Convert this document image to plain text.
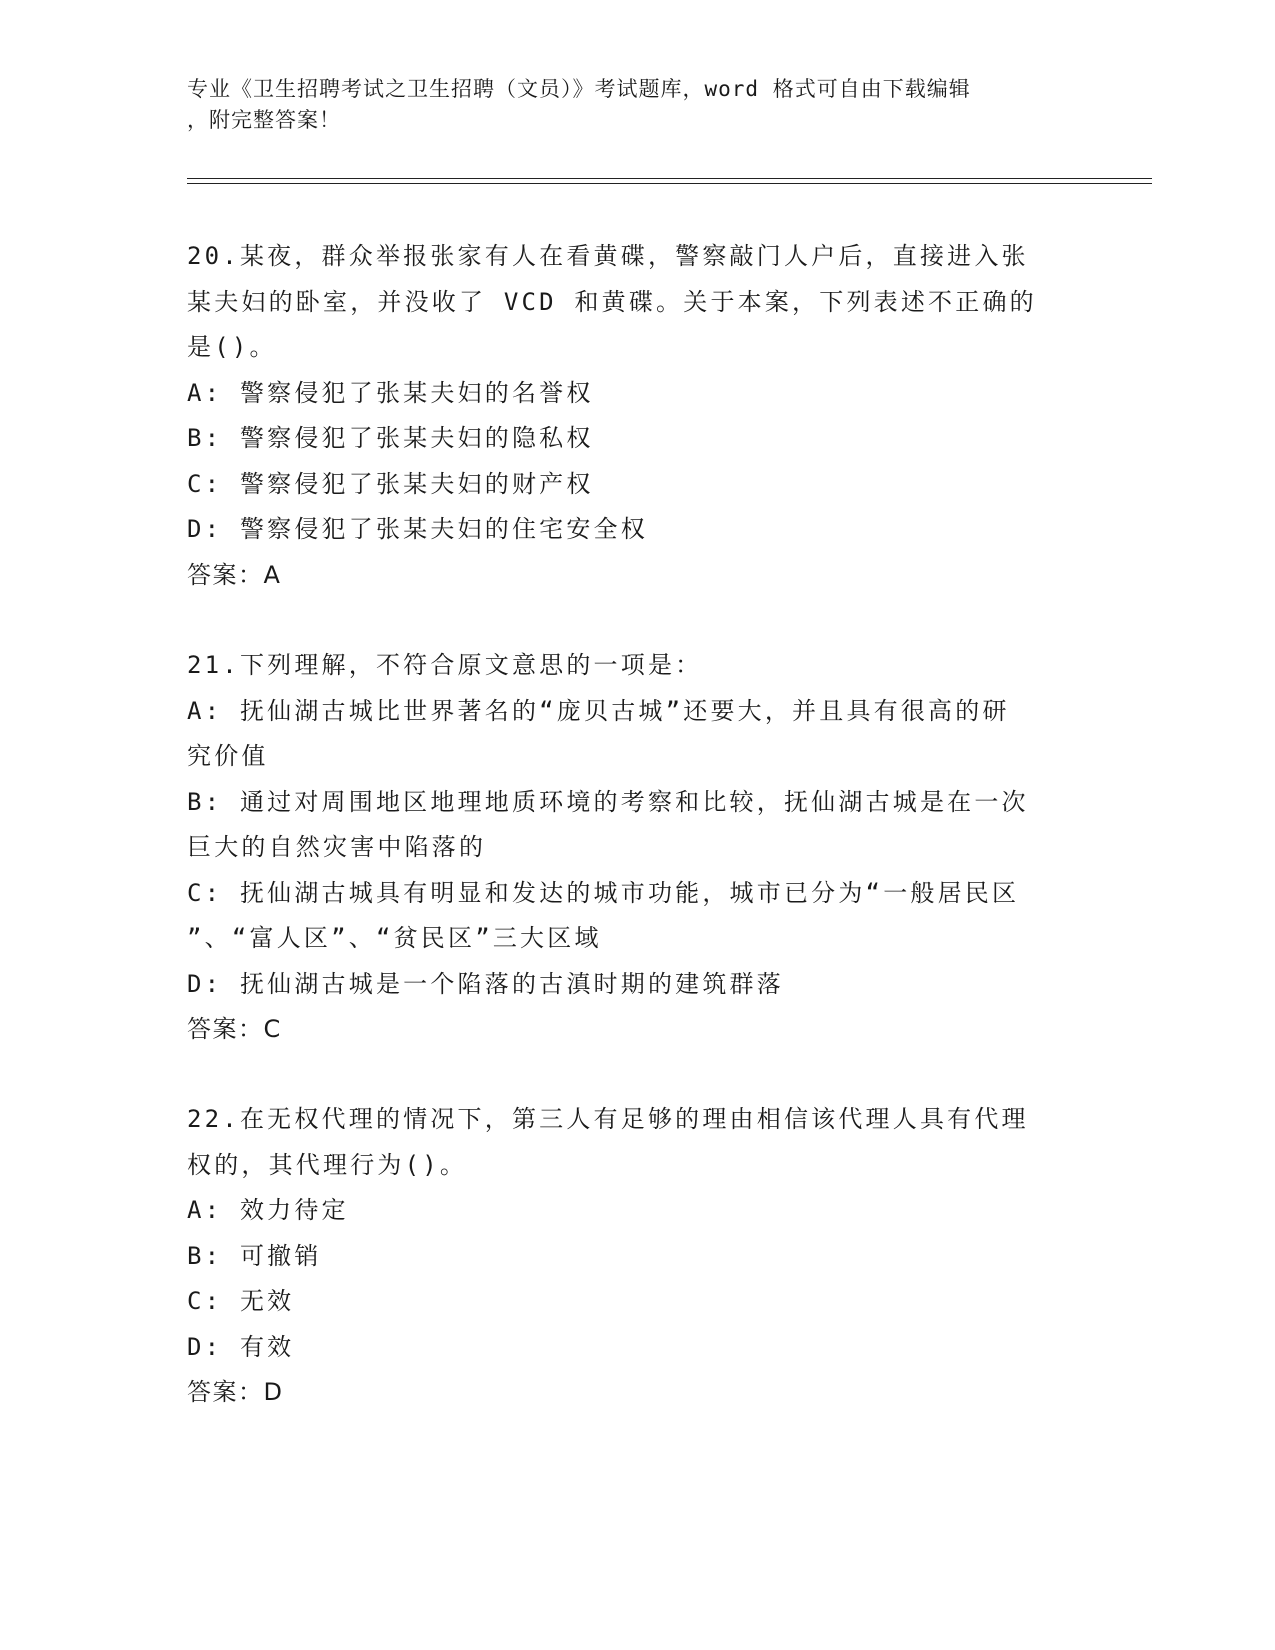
专业《卫生招聘考试之卫生招聘（文员）》考试题库，word 格式可自由下载编辑
，附完整答案！
20.某夜，群众举报张家有人在看黄碟，警察敲门人户后，直接进入张
某夫妇的卧室，并没收了 VCD 和黄碟。关于本案，下列表述不正确的
是()。
A: 警察侵犯了张某夫妇的名誉权
B: 警察侵犯了张某夫妇的隐私权
C: 警察侵犯了张某夫妇的财产权
D: 警察侵犯了张某夫妇的住宅安全权
答案：A
21.下列理解，不符合原文意思的一项是：
A: 抚仙湖古城比世界著名的“庞贝古城”还要大，并且具有很高的研
究价值
B: 通过对周围地区地理地质环境的考察和比较，抚仙湖古城是在一次
巨大的自然灾害中陷落的
C: 抚仙湖古城具有明显和发达的城市功能，城市已分为“一般居民区
”、“富人区”、“贫民区”三大区域
D: 抚仙湖古城是一个陷落的古滇时期的建筑群落
答案：C
22.在无权代理的情况下，第三人有足够的理由相信该代理人具有代理
权的，其代理行为()。
A: 效力待定
B: 可撤销
C: 无效
D: 有效
答案：D
